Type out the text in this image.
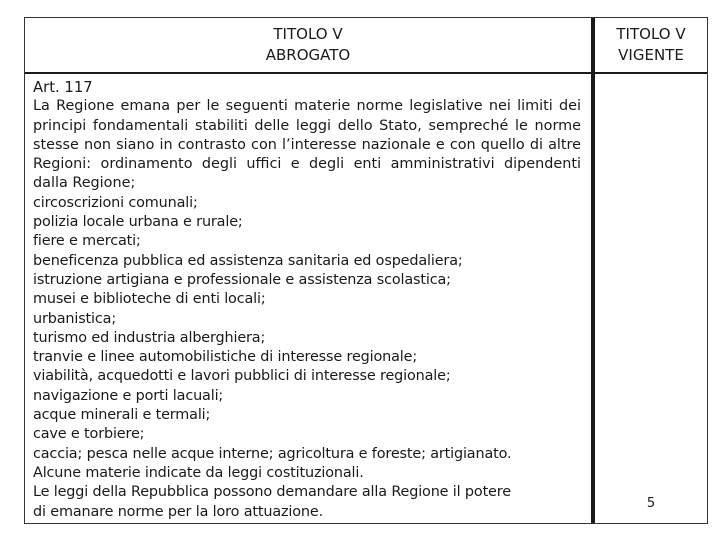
TITOLO V
ABROGATO
Art. 117
La Regione emana per le seguenti materie norme legislative nei limiti dei principi fondamentali stabiliti delle leggi dello Stato, sempreché le norme stesse non siano in contrasto con l’interesse nazionale e con quello di altre Regioni: ordinamento degli uffici e degli enti amministrativi dipendenti dalla Regione;
circoscrizioni comunali;
polizia locale urbana e rurale;
fiere e mercati;
beneficenza pubblica ed assistenza sanitaria ed ospedaliera;
istruzione artigiana e professionale e assistenza scolastica;
musei e biblioteche di enti locali;
urbanistica;
turismo ed industria alberghiera;
tranvie e linee automobilistiche di interesse regionale;
viabilità, acquedotti e lavori pubblici di interesse regionale;
navigazione e porti lacuali;
acque minerali e termali;
cave e torbiere;
caccia; pesca nelle acque interne; agricoltura e foreste; artigianato.
Alcune materie indicate da leggi costituzionali.
Le leggi della Repubblica possono demandare alla Regione il potere
di emanare norme per la loro attuazione.
TITOLO V
VIGENTE
5
